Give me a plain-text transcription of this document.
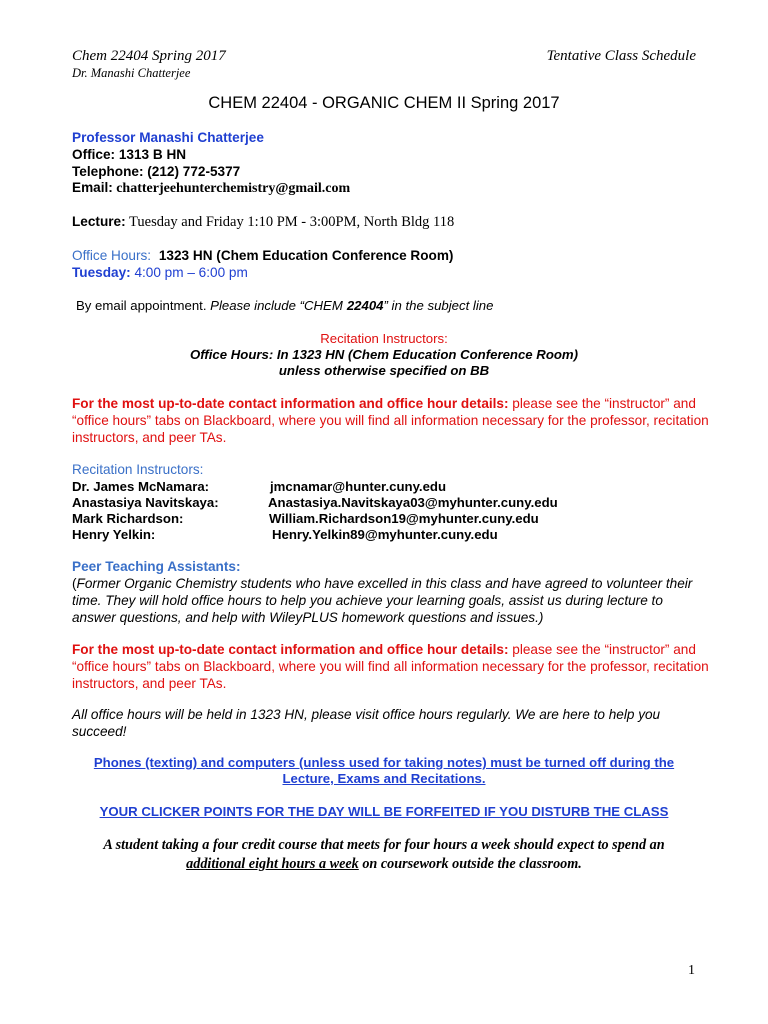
Chem 22404 Spring 2017
Dr. Manashi Chatterjee
Tentative Class Schedule
CHEM 22404 - ORGANIC CHEM II Spring 2017
Professor Manashi Chatterjee
Office: 1313 B HN
Telephone: (212) 772-5377
Email: chatterjeehunterchemistry@gmail.com
Lecture: Tuesday and Friday 1:10 PM - 3:00PM, North Bldg 118
Office Hours: 1323 HN (Chem Education Conference Room)
Tuesday: 4:00 pm – 6:00 pm
By email appointment. Please include “CHEM 22404” in the subject line
Recitation Instructors:
Office Hours: In 1323 HN (Chem Education Conference Room)
unless otherwise specified on BB
For the most up-to-date contact information and office hour details: please see the “instructor” and “office hours” tabs on Blackboard, where you will find all information necessary for the professor, recitation instructors, and peer TAs.
Recitation Instructors:
Dr. James McNamara:	jmcnamar@hunter.cuny.edu
Anastasiya Navitskaya:	Anastasiya.Navitskaya03@myhunter.cuny.edu
Mark Richardson:	William.Richardson19@myhunter.cuny.edu
Henry Yelkin:	Henry.Yelkin89@myhunter.cuny.edu
Peer Teaching Assistants:
(Former Organic Chemistry students who have excelled in this class and have agreed to volunteer their time. They will hold office hours to help you achieve your learning goals, assist us during lecture to answer questions, and help with WileyPLUS homework questions and issues.)
For the most up-to-date contact information and office hour details: please see the “instructor” and “office hours” tabs on Blackboard, where you will find all information necessary for the professor, recitation instructors, and peer TAs.
All office hours will be held in 1323 HN, please visit office hours regularly. We are here to help you succeed!
Phones (texting) and computers (unless used for taking notes) must be turned off during the
Lecture, Exams and Recitations.
YOUR CLICKER POINTS FOR THE DAY WILL BE FORFEITED IF YOU DISTURB THE CLASS
A student taking a four credit course that meets for four hours a week should expect to spend an
additional eight hours a week on coursework outside the classroom.
1
